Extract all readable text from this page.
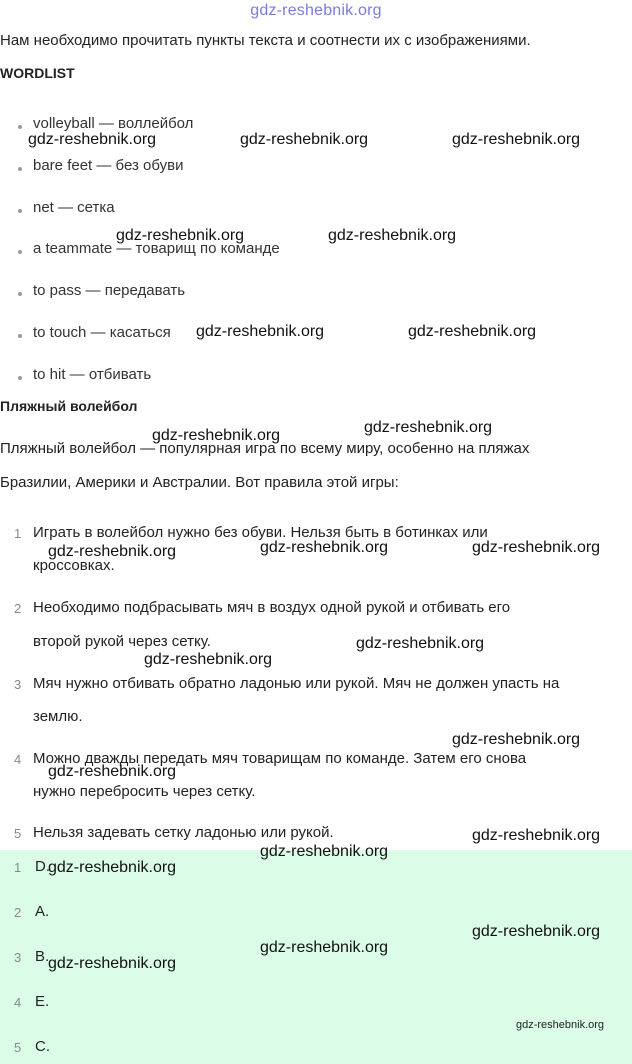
gdz-reshebnik.org
Нам необходимо прочитать пункты текста и соотнести их с изображениями.
WORDLIST
volleyball — воллейбол
bare feet — без обуви
net — сетка
a teammate — товарищ по команде
to pass — передавать
to touch — касаться
to hit — отбивать
Пляжный волейбол
Пляжный волейбол — популярная игра по всему миру, особенно на пляжах
Бразилии, Америки и Австралии. Вот правила этой игры:
1 Играть в волейбол нужно без обуви. Нельзя быть в ботинках или
кроссовках.
2 Необходимо подбрасывать мяч в воздух одной рукой и отбивать его
второй рукой через сетку.
3 Мяч нужно отбивать обратно ладонью или рукой. Мяч не должен упасть на
землю.
4 Можно дважды передать мяч товарищам по команде. Затем его снова
нужно перебросить через сетку.
5 Нельзя задевать сетку ладонью или рукой.
1 D.
2 A.
3 B.
4 E.
5 C.
gdz-reshebnik.org	gdz-reshebnik.org	gdz-reshebnik.org
gdz-reshebnik.org	gdz-reshebnik.org
gdz-reshebnik.org	gdz-reshebnik.org
gdz-reshebnik.org
gdz-reshebnik.org
gdz-reshebnik.org	gdz-reshebnik.org	gdz-reshebnik.org
gdz-reshebnik.org
gdz-reshebnik.org
gdz-reshebnik.org
gdz-reshebnik.org
gdz-reshebnik.org
gdz-reshebnik.org
gdz-reshebnik.org
gdz-reshebnik.org
gdz-reshebnik.org
gdz-reshebnik.org
gdz-reshebnik.org
